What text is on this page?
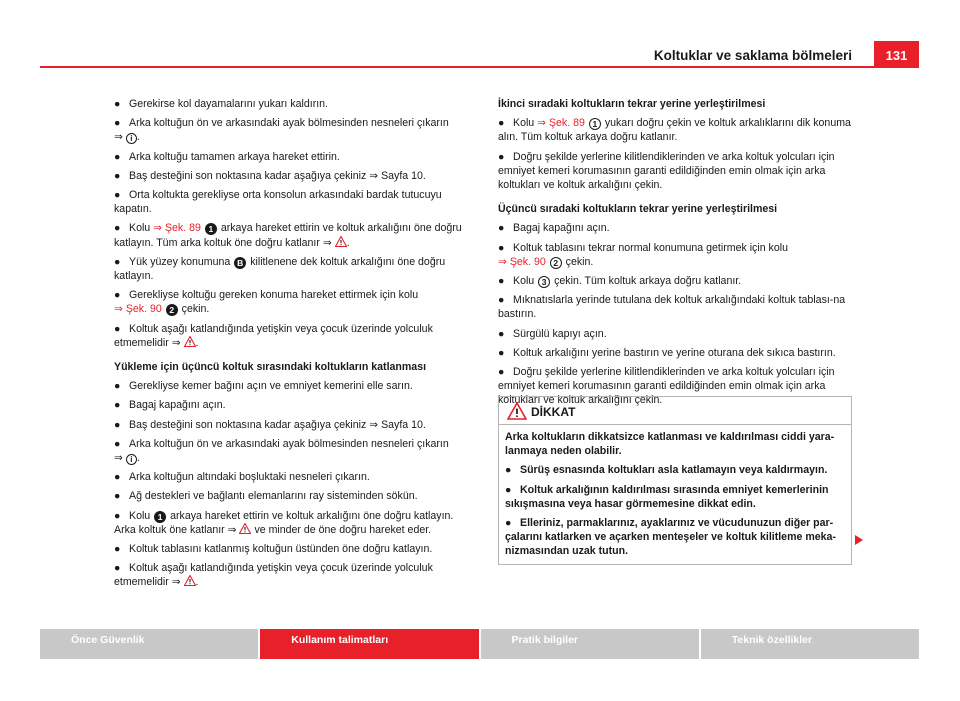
Koltuklar ve saklama bölmeleri	131
● Gerekirse kol dayamalarını yukarı kaldırın.
● Arka koltuğun ön ve arkasındaki ayak bölmesinden nesneleri çıkarın
⇒ i .
● Arka koltuğu tamamen arkaya hareket ettirin.
● Baş desteğini son noktasına kadar aşağıya çekiniz ⇒ Sayfa 10.
● Orta koltukta gerekliyse orta konsolun arkasındaki bardak tutucuyu kapatın.
● Kolu ⇒ Şek. 89 1 arkaya hareket ettirin ve koltuk arkalığını öne doğru katlayın. Tüm arka koltuk öne doğru katlanır ⇒ .
● Yük yüzey konumuna B kilitlenene dek koltuk arkalığını öne doğru katlayın.
● Gerekliyse koltuğu gereken konuma hareket ettirmek için kolu
⇒ Şek. 90 2 çekin.
● Koltuk aşağı katlandığında yetişkin veya çocuk üzerinde yolculuk etmemelidir ⇒ .
Yükleme için üçüncü koltuk sırasındaki koltukların katlanması
● Gerekliyse kemer bağını açın ve emniyet kemerini elle sarın.
● Bagaj kapağını açın.
● Baş desteğini son noktasına kadar aşağıya çekiniz ⇒ Sayfa 10.
● Arka koltuğun ön ve arkasındaki ayak bölmesinden nesneleri çıkarın
⇒ i .
● Arka koltuğun altındaki boşluktaki nesneleri çıkarın.
● Ağ destekleri ve bağlantı elemanlarını ray sisteminden sökün.
● Kolu 1 arkaya hareket ettirin ve koltuk arkalığını öne doğru katlayın. Arka koltuk öne katlanır ⇒ ve minder de öne doğru hareket eder.
● Koltuk tablasını katlanmış koltuğun üstünden öne doğru katlayın.
● Koltuk aşağı katlandığında yetişkin veya çocuk üzerinde yolculuk etmemelidir ⇒ .
İkinci sıradaki koltukların tekrar yerine yerleştirilmesi
● Kolu ⇒ Şek. 89 1 yukarı doğru çekin ve koltuk arkalıklarını dik konuma alın. Tüm koltuk arkaya doğru katlanır.
● Doğru şekilde yerlerine kilitlendiklerinden ve arka koltuk yolcuları için emniyet kemeri korumasının garanti edildiğinden emin olmak için arka koltukları ve koltuk arkalığını çekin.
Üçüncü sıradaki koltukların tekrar yerine yerleştirilmesi
● Bagaj kapağını açın.
● Koltuk tablasını tekrar normal konumuna getirmek için kolu
⇒ Şek. 90 2 çekin.
● Kolu 3 çekin. Tüm koltuk arkaya doğru katlanır.
● Mıknatıslarla yerinde tutulana dek koltuk arkalığındaki koltuk tablası-na bastırın.
● Sürgülü kapıyı açın.
● Koltuk arkalığını yerine bastırın ve yerine oturana dek sıkıca bastırın.
● Doğru şekilde yerlerine kilitlendiklerinden ve arka koltuk yolcuları için emniyet kemeri korumasının garanti edildiğinden emin olmak için arka koltukları ve koltuk arkalığını çekin.
DİKKAT
Arka koltukların dikkatsizce katlanması ve kaldırılması ciddi yara-lanmaya neden olabilir.
● Sürüş esnasında koltukları asla katlamayın veya kaldırmayın.
● Koltuk arkalığının kaldırılması sırasında emniyet kemerlerinin sıkışmasına veya hasar görmemesine dikkat edin.
● Elleriniz, parmaklarınız, ayaklarınız ve vücudunuzun diğer par-çalarını katlarken ve açarken menteşeler ve koltuk kilitleme meka-nizmasından uzak tutun.
Önce Güvenlik	Kullanım talimatları	Pratik bilgiler	Teknik özellikler
